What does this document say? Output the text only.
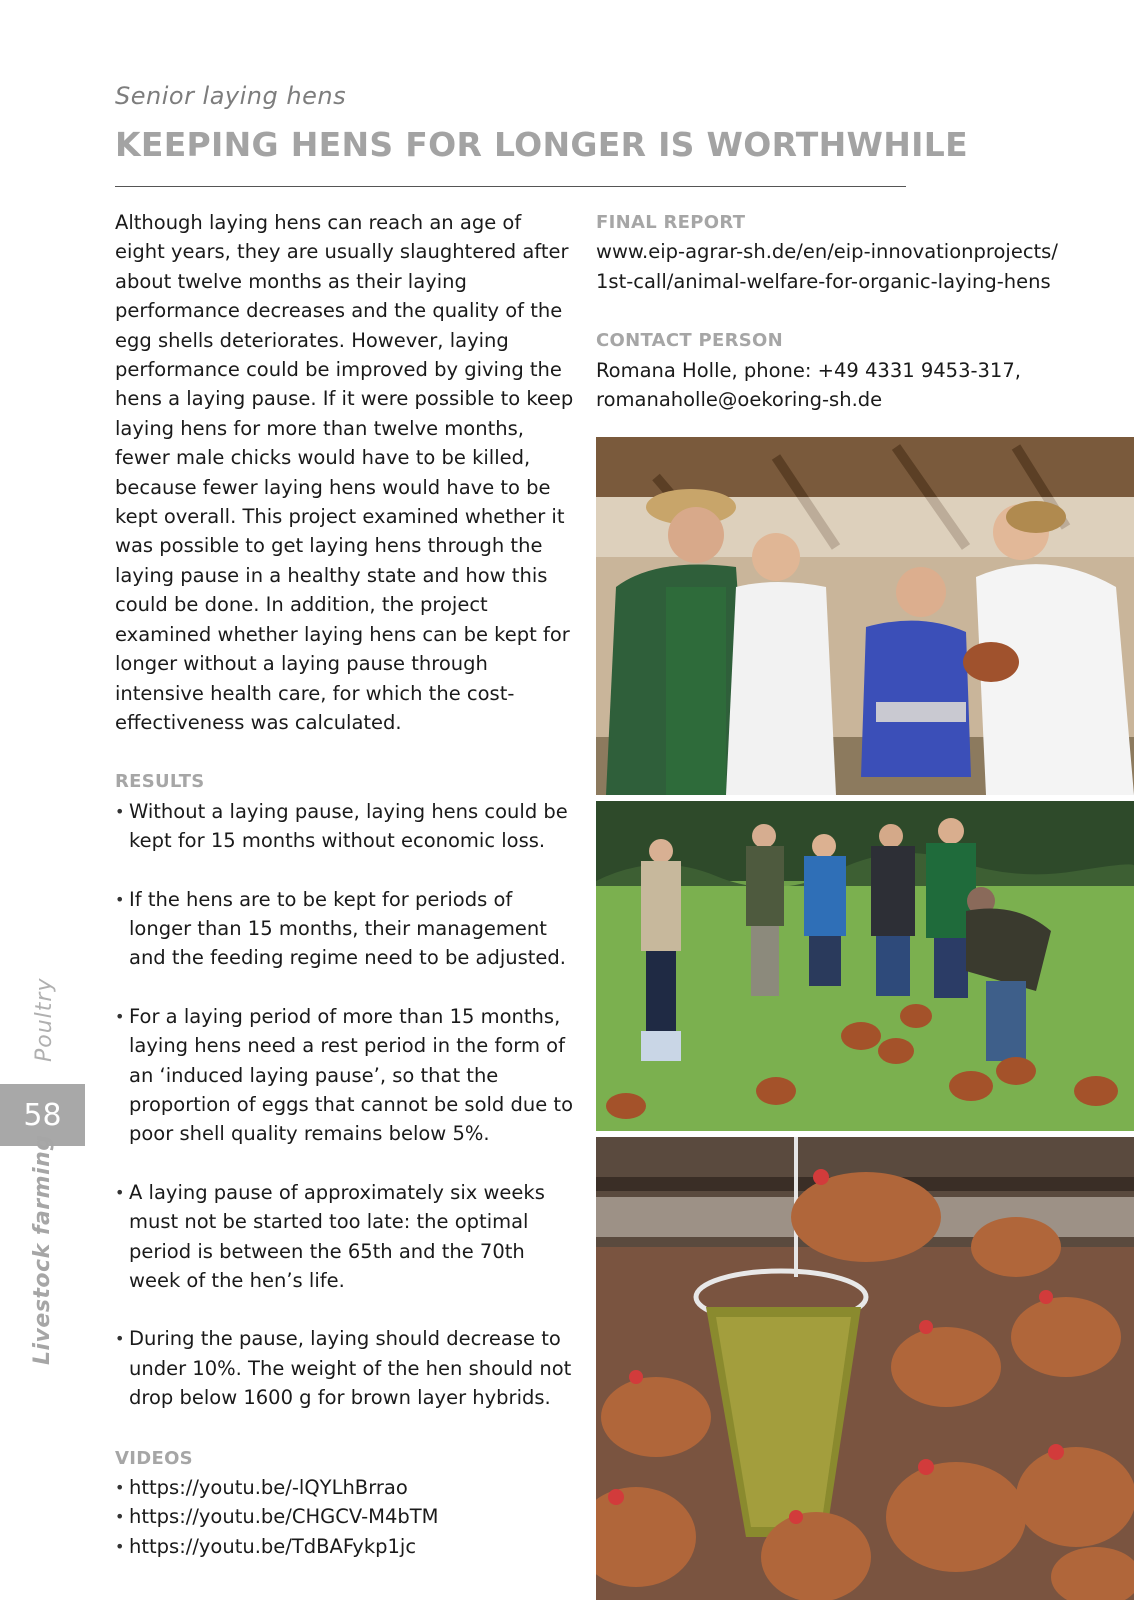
Senior laying hens
KEEPING HENS FOR LONGER IS WORTHWHILE

Although laying hens can reach an age of eight years, they are usually slaughtered after about twelve months as their laying performance decreases and the quality of the egg shells deteriorates. However, laying performance could be improved by giving the hens a laying pause. If it were possible to keep laying hens for more than twelve months, fewer male chicks would have to be killed, because fewer laying hens would have to be kept overall. This project examined whether it was possible to get laying hens through the laying pause in a healthy state and how this could be done. In addition, the project examined whether laying hens can be kept for longer without a laying pause through intensive health care, for which the cost-effectiveness was calculated.

RESULTS
• Without a laying pause, laying hens could be kept for 15 months without economic loss.
• If the hens are to be kept for periods of longer than 15 months, their management and the feeding regime need to be adjusted.
• For a laying period of more than 15 months, laying hens need a rest period in the form of an ‘induced laying pause’, so that the proportion of eggs that cannot be sold due to poor shell quality remains below 5%.
• A laying pause of approximately six weeks must not be started too late: the optimal period is between the 65th and the 70th week of the hen’s life.
• During the pause, laying should decrease to under 10%. The weight of the hen should not drop below 1600 g for brown layer hybrids.
VIDEOS
• https://youtu.be/-lQYLhBrrao
• https://youtu.be/CHGCV-M4bTM
• https://youtu.be/TdBAFykp1jc
FINAL REPORT

www.eip-agrar-sh.de/en/eip-innovationprojects/
1st-call/animal-welfare-for-organic-laying-hens

CONTACT PERSON

Romana Holle, phone: +49 4331 9453-317,
romanaholle@oekoring-sh.de

Poultry
58
Livestock farming
